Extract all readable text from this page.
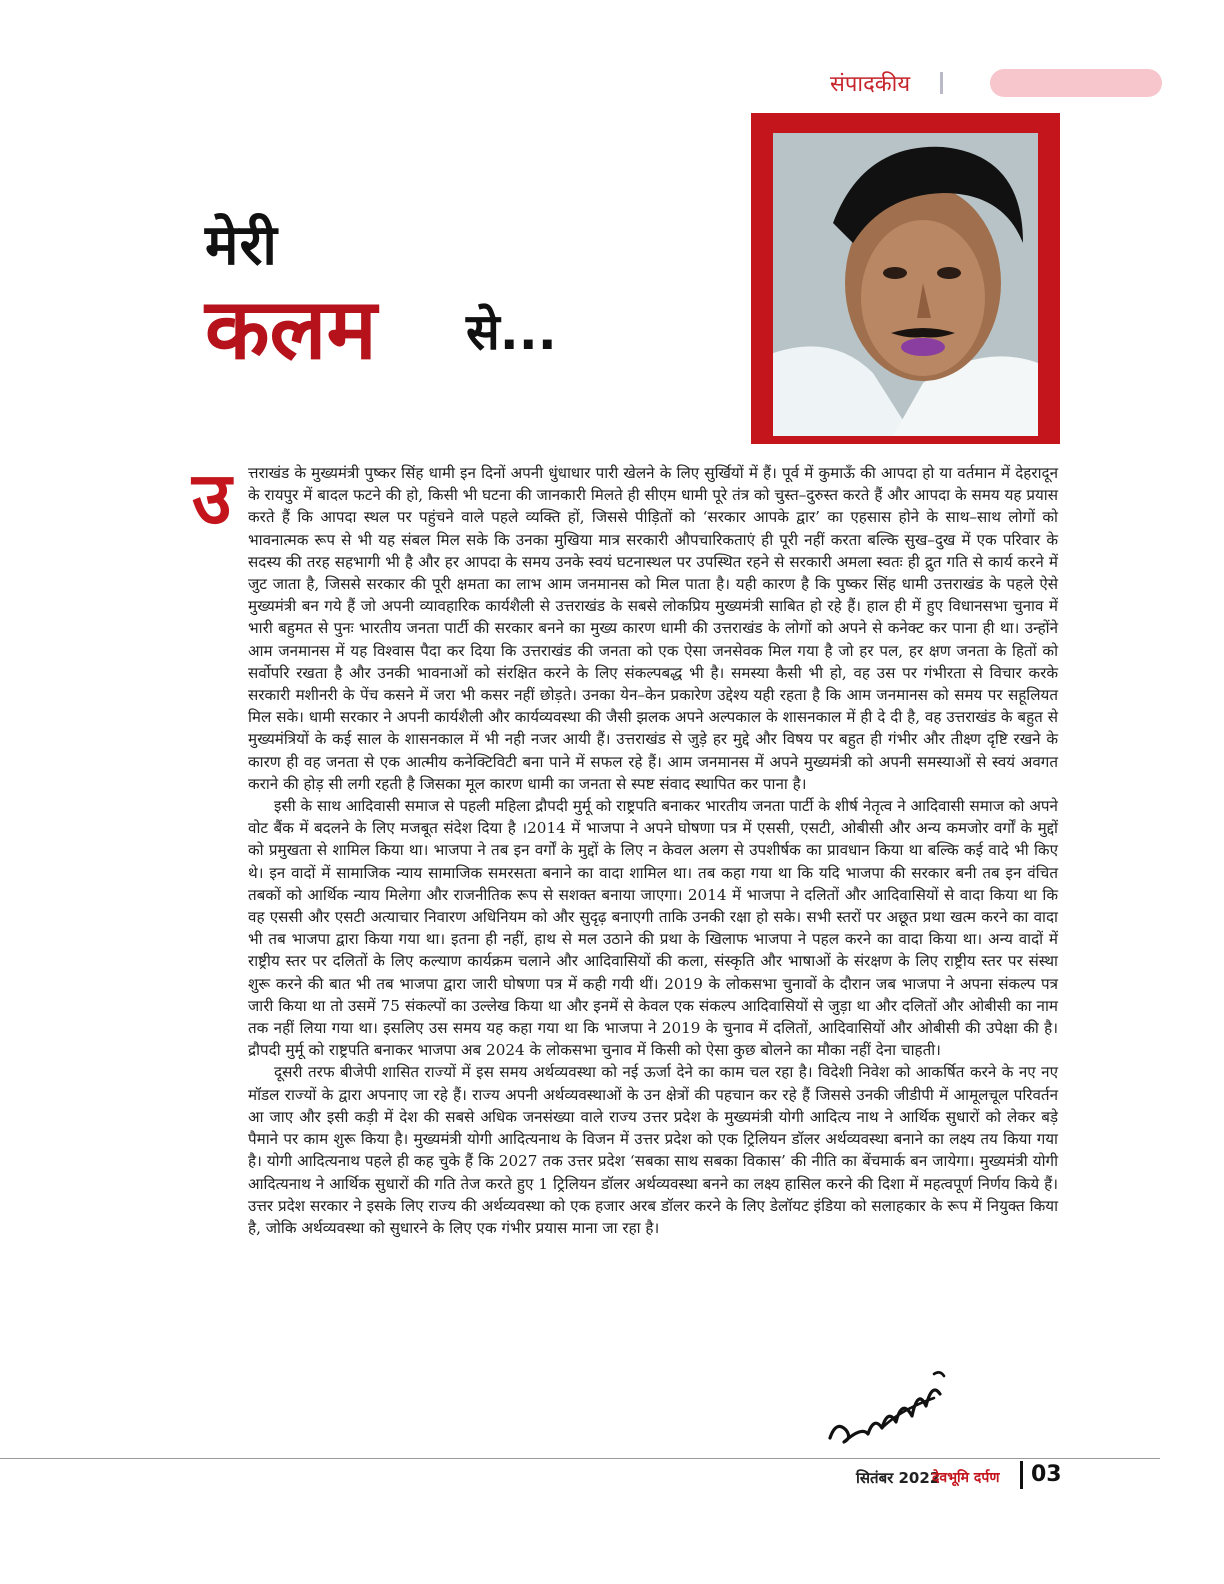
संपादकीय
मेरी
कलम से...
उ त्तराखंड के मुख्यमंत्री पुष्कर सिंह धामी इन दिनों अपनी धुंधाधार पारी खेलने के लिए सुर्खियों में हैं। पूर्व में कुमाऊँ की आपदा हो या वर्तमान में देहरादून के रायपुर में बादल फटने की हो, किसी भी घटना की जानकारी मिलते ही सीएम धामी पूरे तंत्र को चुस्त–दुरुस्त करते हैं और आपदा के समय यह प्रयास करते हैं कि आपदा स्थल पर पहुंचने वाले पहले व्यक्ति हों, जिससे पीड़ितों को ‘सरकार आपके द्वार’ का एहसास होने के साथ–साथ लोगों को भावनात्मक रूप से भी यह संबल मिल सके कि उनका मुखिया मात्र सरकारी औपचारिकताएं ही पूरी नहीं करता बल्कि सुख–दुख में एक परिवार के सदस्य की तरह सहभागी भी है और हर आपदा के समय उनके स्वयं घटनास्थल पर उपस्थित रहने से सरकारी अमला स्वतः ही द्रुत गति से कार्य करने में जुट जाता है, जिससे सरकार की पूरी क्षमता का लाभ आम जनमानस को मिल पाता है। यही कारण है कि पुष्कर सिंह धामी उत्तराखंड के पहले ऐसे मुख्यमंत्री बन गये हैं जो अपनी व्यावहारिक कार्यशैली से उत्तराखंड के सबसे लोकप्रिय मुख्यमंत्री साबित हो रहे हैं। हाल ही में हुए विधानसभा चुनाव में भारी बहुमत से पुनः भारतीय जनता पार्टी की सरकार बनने का मुख्य कारण धामी की उत्तराखंड के लोगों को अपने से कनेक्ट कर पाना ही था। उन्होंने आम जनमानस में यह विश्वास पैदा कर दिया कि उत्तराखंड की जनता को एक ऐसा जनसेवक मिल गया है जो हर पल, हर क्षण जनता के हितों को सर्वोपरि रखता है और उनकी भावनाओं को संरक्षित करने के लिए संकल्पबद्ध भी है। समस्या कैसी भी हो, वह उस पर गंभीरता से विचार करके सरकारी मशीनरी के पेंच कसने में जरा भी कसर नहीं छोड़ते। उनका येन–केन प्रकारेण उद्देश्य यही रहता है कि आम जनमानस को समय पर सहूलियत मिल सके। धामी सरकार ने अपनी कार्यशैली और कार्यव्यवस्था की जैसी झलक अपने अल्पकाल के शासनकाल में ही दे दी है, वह उत्तराखंड के बहुत से मुख्यमंत्रियों के कई साल के शासनकाल में भी नही नजर आयी हैं। उत्तराखंड से जुड़े हर मुद्दे और विषय पर बहुत ही गंभीर और तीक्ष्ण दृष्टि रखने के कारण ही वह जनता से एक आत्मीय कनेक्टिविटी बना पाने में सफल रहे हैं। आम जनमानस में अपने मुख्यमंत्री को अपनी समस्याओं से स्वयं अवगत कराने की होड़ सी लगी रहती है जिसका मूल कारण धामी का जनता से स्पष्ट संवाद स्थापित कर पाना है।

इसी के साथ आदिवासी समाज से पहली महिला द्रौपदी मुर्मू को राष्ट्रपति बनाकर भारतीय जनता पार्टी के शीर्ष नेतृत्व ने आदिवासी समाज को अपने वोट बैंक में बदलने के लिए मजबूत संदेश दिया है ।2014 में भाजपा ने अपने घोषणा पत्र में एससी, एसटी, ओबीसी और अन्य कमजोर वर्गों के मुद्दों को प्रमुखता से शामिल किया था। भाजपा ने तब इन वर्गों के मुद्दों के लिए न केवल अलग से उपशीर्षक का प्रावधान किया था बल्कि कई वादे भी किए थे। इन वादों में सामाजिक न्याय सामाजिक समरसता बनाने का वादा शामिल था। तब कहा गया था कि यदि भाजपा की सरकार बनी तब इन वंचित तबकों को आर्थिक न्याय मिलेगा और राजनीतिक रूप से सशक्त बनाया जाएगा। 2014 में भाजपा ने दलितों और आदिवासियों से वादा किया था कि वह एससी और एसटी अत्याचार निवारण अधिनियम को और सुदृढ़ बनाएगी ताकि उनकी रक्षा हो सके। सभी स्तरों पर अछूत प्रथा खत्म करने का वादा भी तब भाजपा द्वारा किया गया था। इतना ही नहीं, हाथ से मल उठाने की प्रथा के खिलाफ भाजपा ने पहल करने का वादा किया था। अन्य वादों में राष्ट्रीय स्तर पर दलितों के लिए कल्याण कार्यक्रम चलाने और आदिवासियों की कला, संस्कृति और भाषाओं के संरक्षण के लिए राष्ट्रीय स्तर पर संस्था शुरू करने की बात भी तब भाजपा द्वारा जारी घोषणा पत्र में कही गयी थीं। 2019 के लोकसभा चुनावों के दौरान जब भाजपा ने अपना संकल्प पत्र जारी किया था तो उसमें 75 संकल्पों का उल्लेख किया था और इनमें से केवल एक संकल्प आदिवासियों से जुड़ा था और दलितों और ओबीसी का नाम तक नहीं लिया गया था। इसलिए उस समय यह कहा गया था कि भाजपा ने 2019 के चुनाव में दलितों, आदिवासियों और ओबीसी की उपेक्षा की है। द्रौपदी मुर्मू को राष्ट्रपति बनाकर भाजपा अब 2024 के लोकसभा चुनाव में किसी को ऐसा कुछ बोलने का मौका नहीं देना चाहती।

दूसरी तरफ बीजेपी शासित राज्यों में इस समय अर्थव्यवस्था को नई ऊर्जा देने का काम चल रहा है। विदेशी निवेश को आकर्षित करने के नए नए मॉडल राज्यों के द्वारा अपनाए जा रहे हैं। राज्य अपनी अर्थव्यवस्थाओं के उन क्षेत्रों की पहचान कर रहे हैं जिससे उनकी जीडीपी में आमूलचूल परिवर्तन आ जाए और इसी कड़ी में देश की सबसे अधिक जनसंख्या वाले राज्य उत्तर प्रदेश के मुख्यमंत्री योगी आदित्य नाथ ने आर्थिक सुधारों को लेकर बड़े पैमाने पर काम शुरू किया है। मुख्यमंत्री योगी आदित्यनाथ के विजन में उत्तर प्रदेश को एक ट्रिलियन डॉलर अर्थव्यवस्था बनाने का लक्ष्य तय किया गया है। योगी आदित्यनाथ पहले ही कह चुके हैं कि 2027 तक उत्तर प्रदेश ‘सबका साथ सबका विकास’ की नीति का बेंचमार्क बन जायेगा। मुख्यमंत्री योगी आदित्यनाथ ने आर्थिक सुधारों की गति तेज करते हुए 1 ट्रिलियन डॉलर अर्थव्यवस्था बनने का लक्ष्य हासिल करने की दिशा में महत्वपूर्ण निर्णय किये हैं। उत्तर प्रदेश सरकार ने इसके लिए राज्य की अर्थव्यवस्था को एक हजार अरब डॉलर करने के लिए डेलॉयट इंडिया को सलाहकार के रूप में नियुक्त किया है, जोकि अर्थव्यवस्था को सुधारने के लिए एक गंभीर प्रयास माना जा रहा है।

सितंबर 2022
देवभूमि दर्पण 03
